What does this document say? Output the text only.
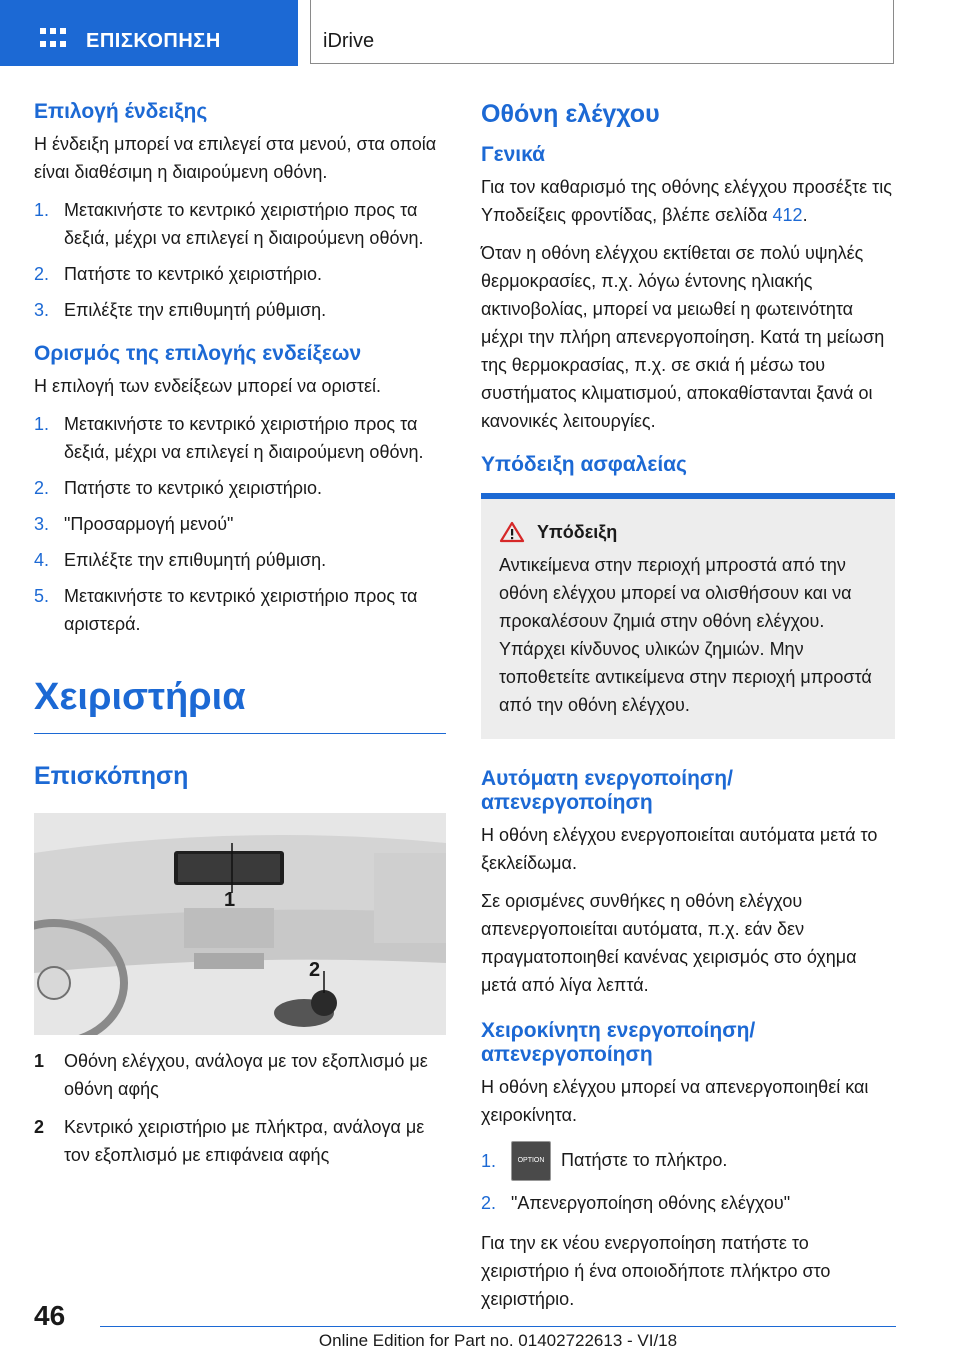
ΕΠΙΣΚΟΠΗΣΗ	iDrive
Επιλογή ένδειξης

Η ένδειξη μπορεί να επιλεγεί στα μενού, στα οποία είναι διαθέσιμη η διαιρούμενη οθόνη.

1. Μετακινήστε το κεντρικό χειριστήριο προς τα δεξιά, μέχρι να επιλεγεί η διαιρούμενη οθόνη.
2. Πατήστε το κεντρικό χειριστήριο.
3. Επιλέξτε την επιθυμητή ρύθμιση.
Ορισμός της επιλογής ενδείξεων

Η επιλογή των ενδείξεων μπορεί να οριστεί.

1. Μετακινήστε το κεντρικό χειριστήριο προς τα δεξιά, μέχρι να επιλεγεί η διαιρούμενη οθόνη.
2. Πατήστε το κεντρικό χειριστήριο.
3. "Προσαρμογή μενού"
4. Επιλέξτε την επιθυμητή ρύθμιση.
5. Μετακινήστε το κεντρικό χειριστήριο προς τα αριστερά.
Χειριστήρια
Επισκόπηση
1
2
1	Οθόνη ελέγχου, ανάλογα με τον εξοπλισμό με οθόνη αφής
2	Κεντρικό χειριστήριο με πλήκτρα, ανάλογα με τον εξοπλισμό με επιφάνεια αφής
Οθόνη ελέγχου
Γενικά

Για τον καθαρισμό της οθόνης ελέγχου προσέξτε τις Υποδείξεις φροντίδας, βλέπε σελίδα 412.

Όταν η οθόνη ελέγχου εκτίθεται σε πολύ υψηλές θερμοκρασίες, π.χ. λόγω έντονης ηλιακής ακτινοβολίας, μπορεί να μειωθεί η φωτεινότητα μέχρι την πλήρη απενεργοποίηση. Κατά τη μείωση της θερμοκρασίας, π.χ. σε σκιά ή μέσω του συστήματος κλιματισμού, αποκαθίστανται ξανά οι κανονικές λειτουργίες.

Υπόδειξη ασφαλείας
Υπόδειξη

Αντικείμενα στην περιοχή μπροστά από την οθόνη ελέγχου μπορεί να ολισθήσουν και να προκαλέσουν ζημιά στην οθόνη ελέγχου. Υπάρχει κίνδυνος υλικών ζημιών. Μην τοποθετείτε αντικείμενα στην περιοχή μπροστά από την οθόνη ελέγχου.

Αυτόματη ενεργοποίηση/απενεργοποίηση

Η οθόνη ελέγχου ενεργοποιείται αυτόματα μετά το ξεκλείδωμα.

Σε ορισμένες συνθήκες η οθόνη ελέγχου απενεργοποιείται αυτόματα, π.χ. εάν δεν πραγματοποιηθεί κανένας χειρισμός στο όχημα μετά από λίγα λεπτά.

Χειροκίνητη ενεργοποίηση/απενεργοποίηση

Η οθόνη ελέγχου μπορεί να απενεργοποιηθεί και χειροκίνητα.

1.	OPTION Πατήστε το πλήκτρο.
2. "Απενεργοποίηση οθόνης ελέγχου"

Για την εκ νέου ενεργοποίηση πατήστε το χειριστήριο ή ένα οποιοδήποτε πλήκτρο στο χειριστήριο.

46
Online Edition for Part no. 01402722613 - VI/18
